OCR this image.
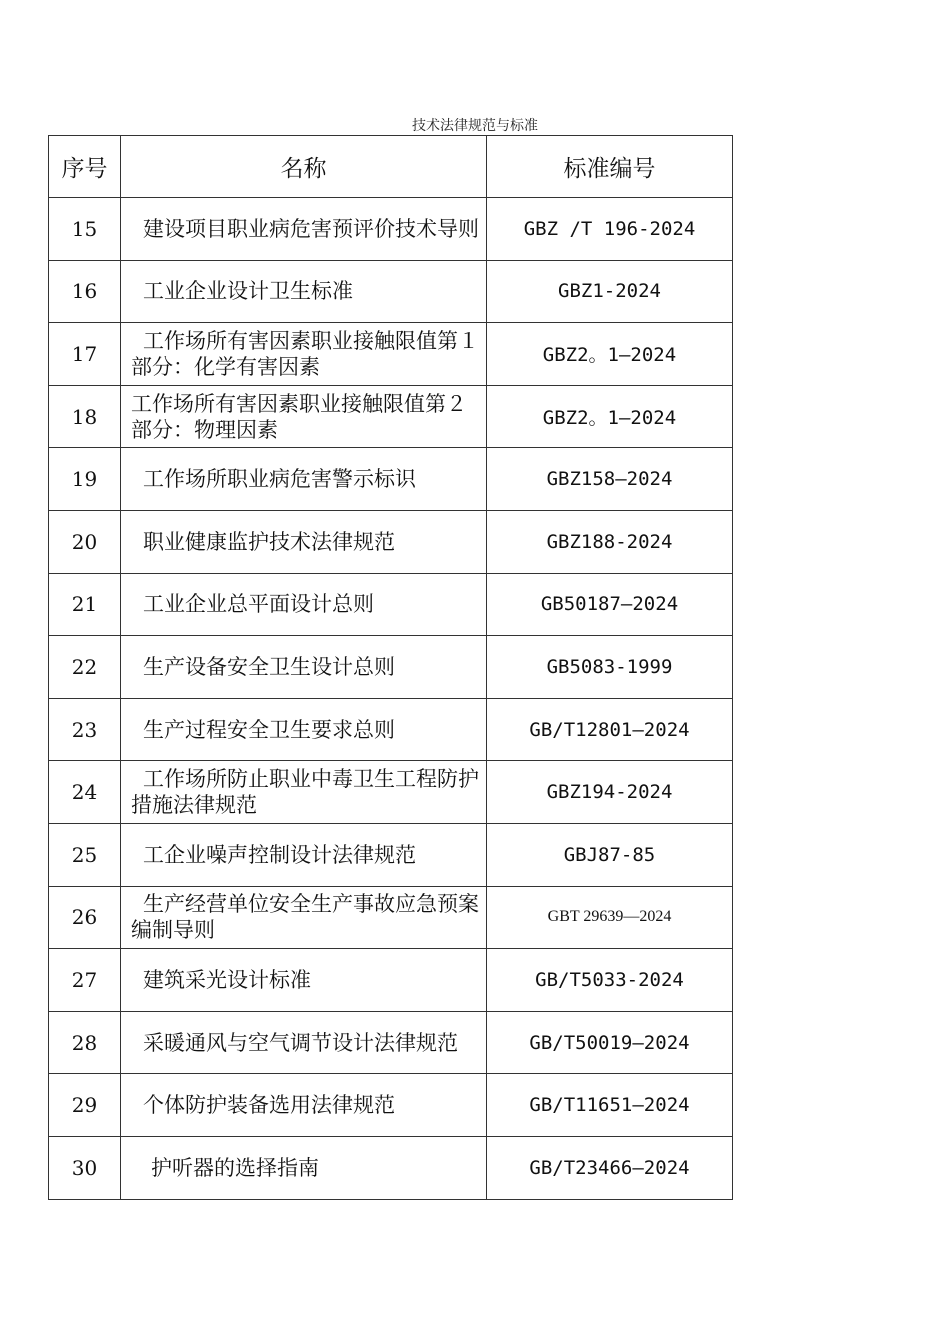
技术法律规范与标准
序号	名称	标准编号
15	建设项目职业病危害预评价技术导则	GBZ /T 196-2024
16	工业企业设计卫生标准	GBZ1-2024
17	工作场所有害因素职业接触限值第１部分：化学有害因素	GBZ2。1—2024
18	工作场所有害因素职业接触限值第２部分：物理因素	GBZ2。1—2024
19	工作场所职业病危害警示标识	GBZ158—2024
20	职业健康监护技术法律规范	GBZ188-2024
21	工业企业总平面设计总则	GB50187—2024
22	生产设备安全卫生设计总则	GB5083-1999
23	生产过程安全卫生要求总则	GB/T12801—2024
24	工作场所防止职业中毒卫生工程防护措施法律规范	GBZ194-2024
25	工企业噪声控制设计法律规范	GBJ87-85
26	生产经营单位安全生产事故应急预案编制导则	GBT 29639—2024
27	建筑采光设计标准	GB/T5033-2024
28	采暖通风与空气调节设计法律规范	GB/T50019—2024
29	个体防护装备选用法律规范	GB/T11651—2024
30	护听器的选择指南	GB/T23466—2024
